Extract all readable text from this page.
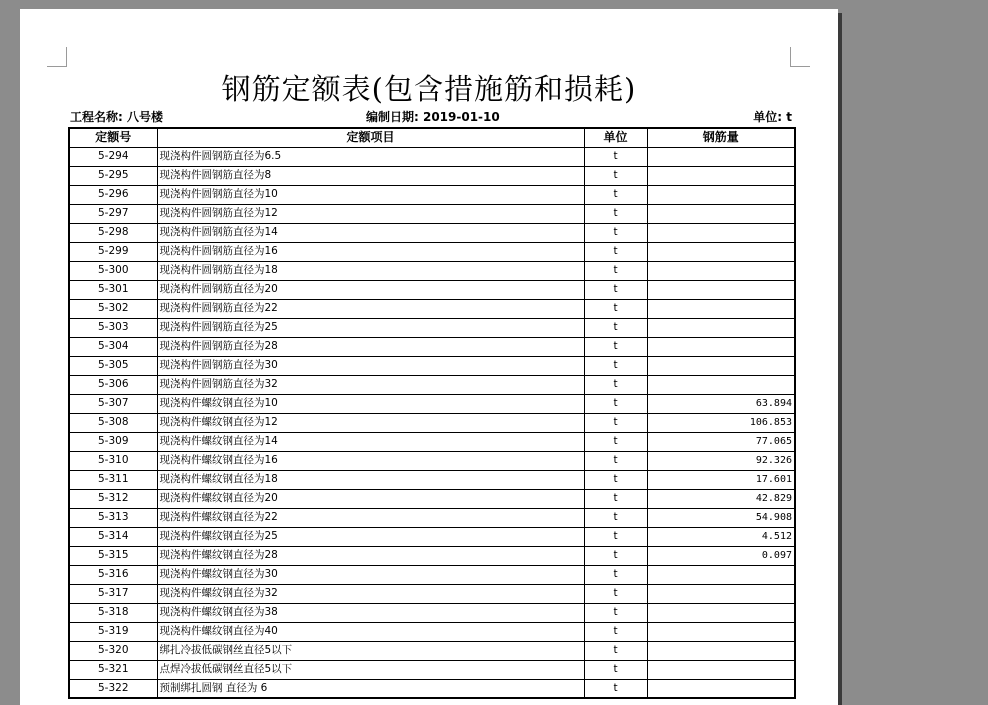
钢筋定额表(包含措施筋和损耗)
工程名称: 八号楼	编制日期: 2019-01-10	单位: t
定额号	定额项目	单位	钢筋量
5-294	现浇构件圆钢筋直径为6.5	t	
5-295	现浇构件圆钢筋直径为8	t	
5-296	现浇构件圆钢筋直径为10	t	
5-297	现浇构件圆钢筋直径为12	t	
5-298	现浇构件圆钢筋直径为14	t	
5-299	现浇构件圆钢筋直径为16	t	
5-300	现浇构件圆钢筋直径为18	t	
5-301	现浇构件圆钢筋直径为20	t	
5-302	现浇构件圆钢筋直径为22	t	
5-303	现浇构件圆钢筋直径为25	t	
5-304	现浇构件圆钢筋直径为28	t	
5-305	现浇构件圆钢筋直径为30	t	
5-306	现浇构件圆钢筋直径为32	t	
5-307	现浇构件螺纹钢直径为10	t	63.894
5-308	现浇构件螺纹钢直径为12	t	106.853
5-309	现浇构件螺纹钢直径为14	t	77.065
5-310	现浇构件螺纹钢直径为16	t	92.326
5-311	现浇构件螺纹钢直径为18	t	17.601
5-312	现浇构件螺纹钢直径为20	t	42.829
5-313	现浇构件螺纹钢直径为22	t	54.908
5-314	现浇构件螺纹钢直径为25	t	4.512
5-315	现浇构件螺纹钢直径为28	t	0.097
5-316	现浇构件螺纹钢直径为30	t	
5-317	现浇构件螺纹钢直径为32	t	
5-318	现浇构件螺纹钢直径为38	t	
5-319	现浇构件螺纹钢直径为40	t	
5-320	绑扎冷拔低碳钢丝直径5以下	t	
5-321	点焊冷拔低碳钢丝直径5以下	t	
5-322	预制绑扎圆钢 直径为 6	t	
